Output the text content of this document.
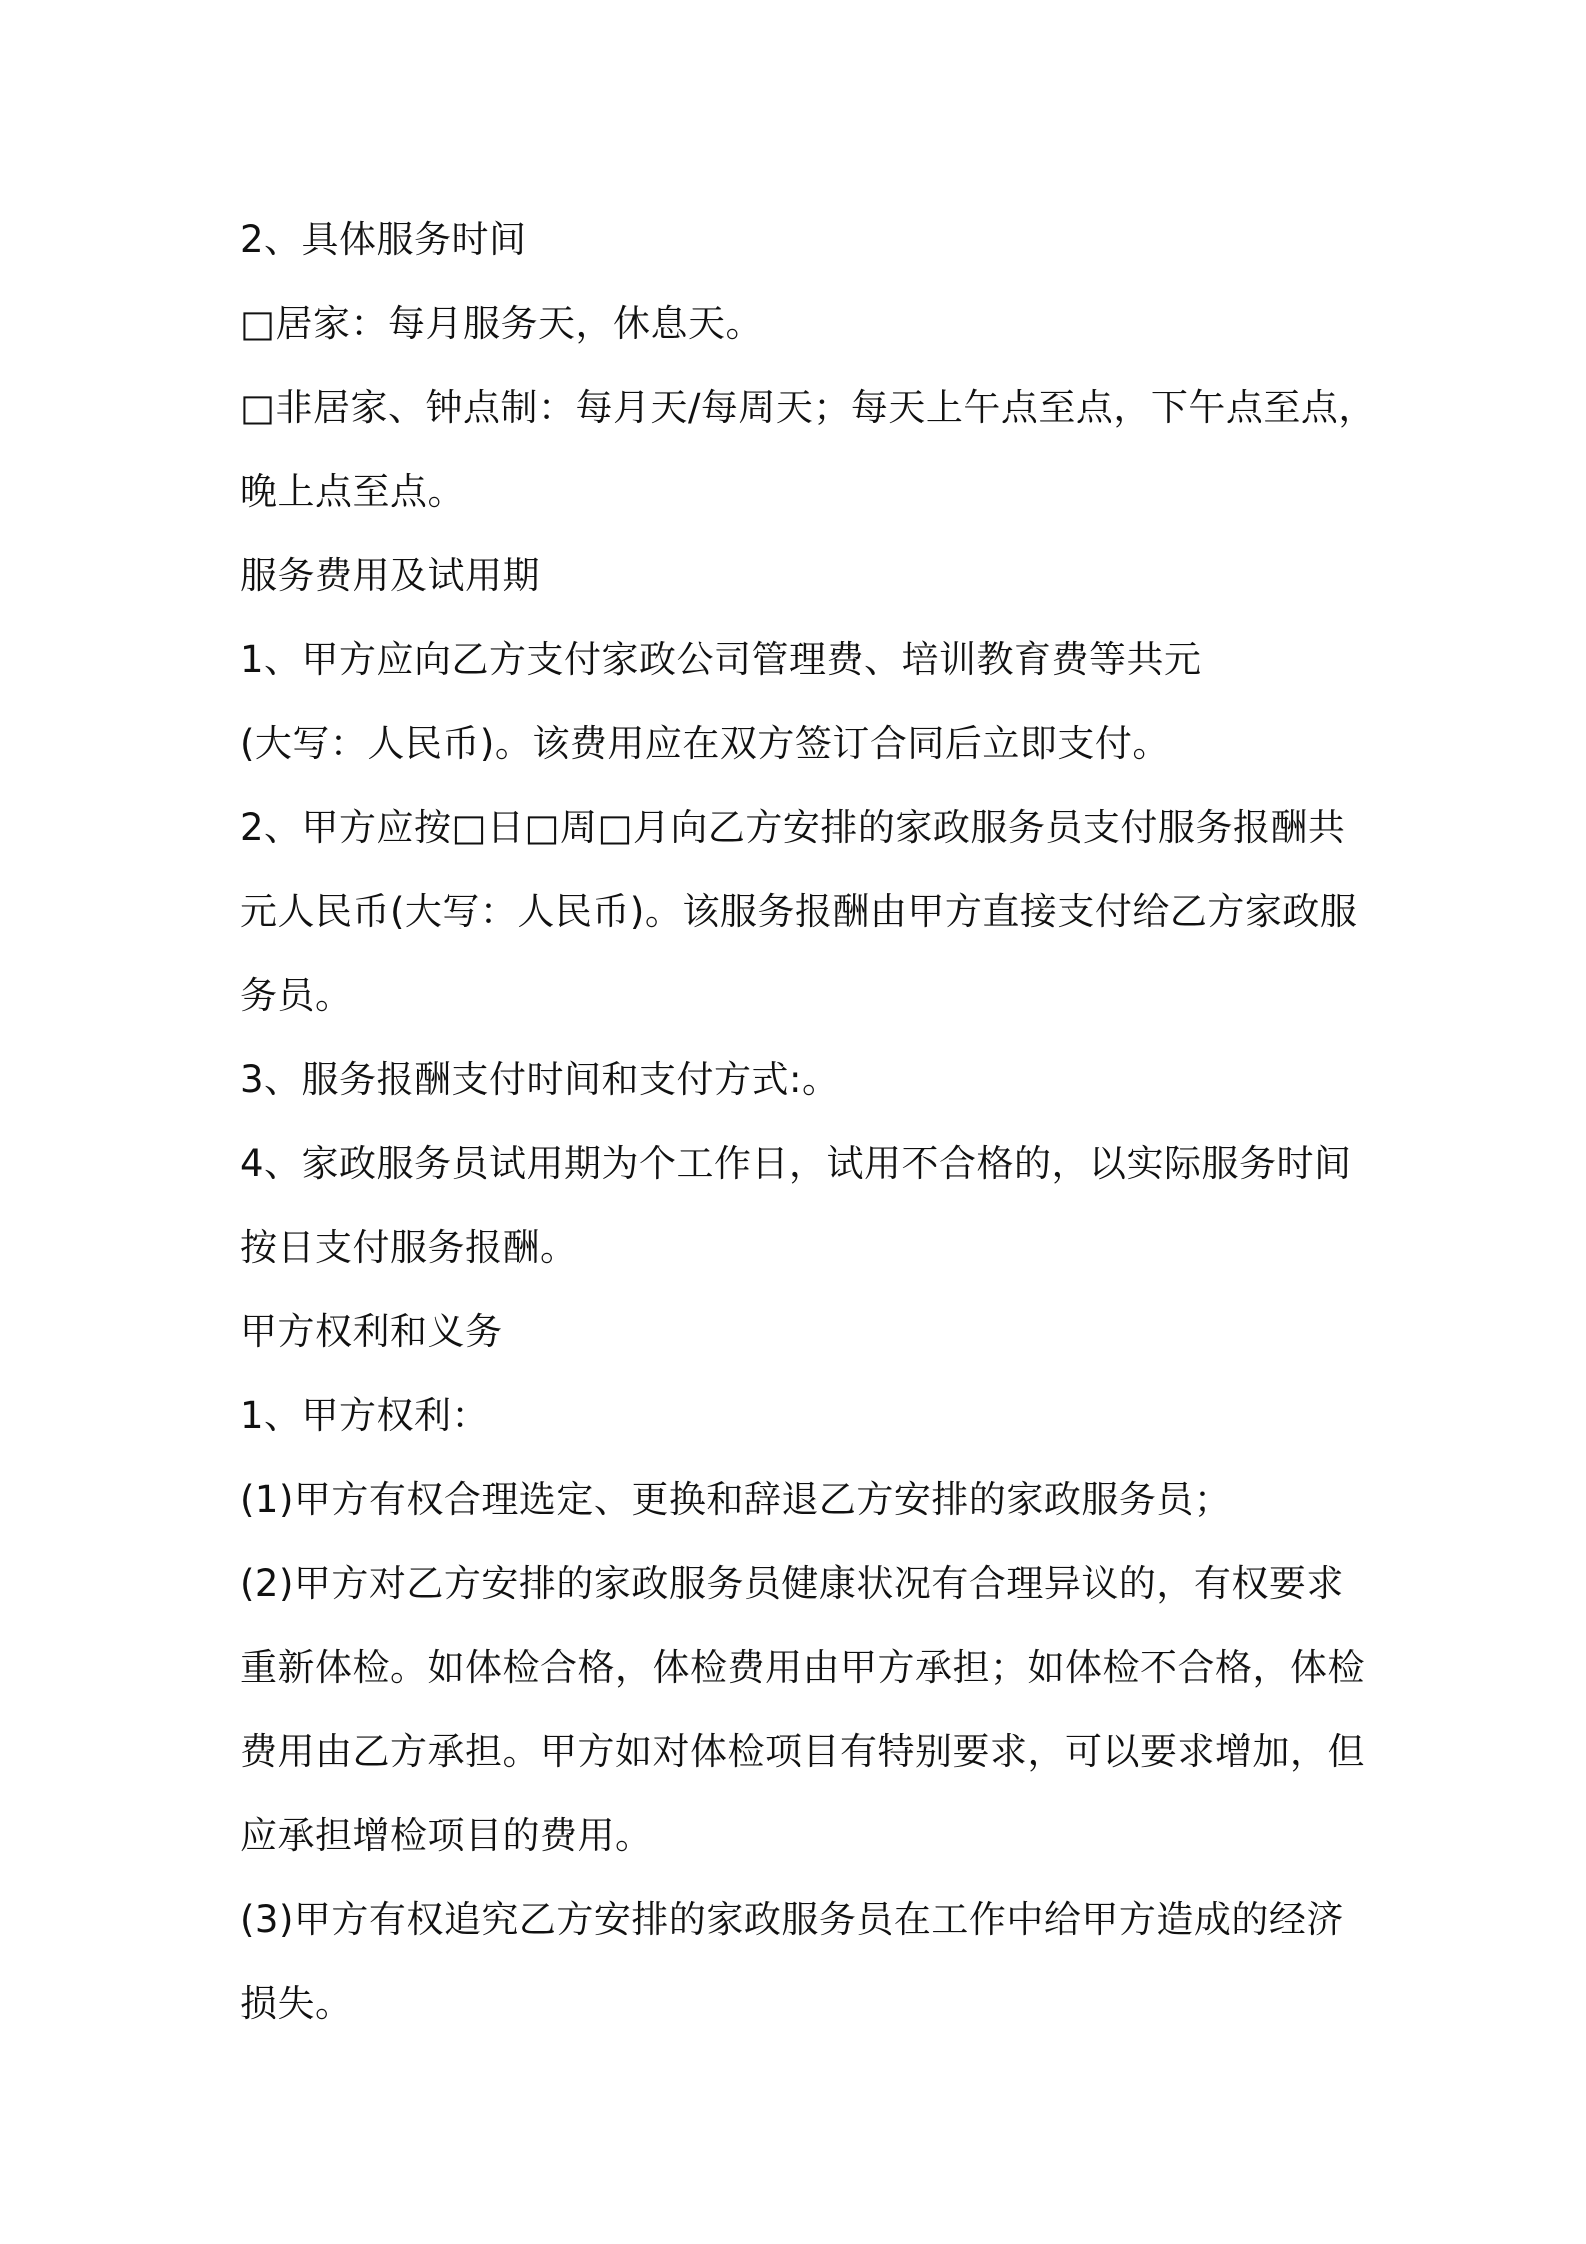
2、具体服务时间
□居家：每月服务天，休息天。
□非居家、钟点制：每月天/每周天；每天上午点至点，下午点至点，
晚上点至点。
服务费用及试用期
1、甲方应向乙方支付家政公司管理费、培训教育费等共元
(大写：人民币)。该费用应在双方签订合同后立即支付。
2、甲方应按□日□周□月向乙方安排的家政服务员支付服务报酬共
元人民币(大写：人民币)。该服务报酬由甲方直接支付给乙方家政服
务员。
3、服务报酬支付时间和支付方式:。
4、家政服务员试用期为个工作日，试用不合格的，以实际服务时间
按日支付服务报酬。
甲方权利和义务
1、甲方权利：
(1)甲方有权合理选定、更换和辞退乙方安排的家政服务员；
(2)甲方对乙方安排的家政服务员健康状况有合理异议的，有权要求
重新体检。如体检合格，体检费用由甲方承担；如体检不合格，体检
费用由乙方承担。甲方如对体检项目有特别要求，可以要求增加，但
应承担增检项目的费用。
(3)甲方有权追究乙方安排的家政服务员在工作中给甲方造成的经济
损失。
